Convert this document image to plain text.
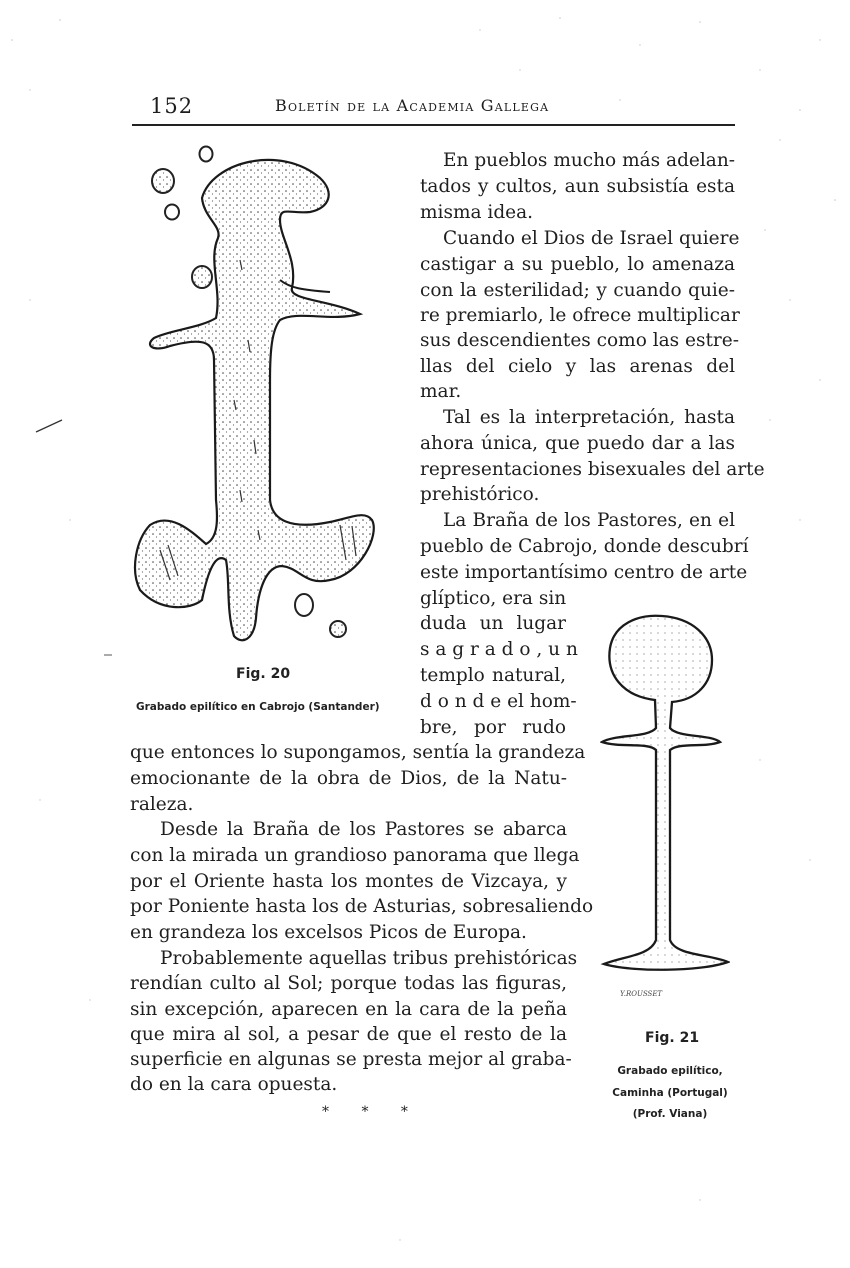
152	Boletín de la Academia Gallega
Fig. 20
Grabado epilítico en Cabrojo (Santander)
Y.ROUSSET
Fig. 21
Grabado epilítico,
Caminha (Portugal)
(Prof. Viana)
En pueblos mucho más adelan-
tados y cultos, aun subsistía esta
misma idea.
Cuando el Dios de Israel quiere
castigar a su pueblo, lo amenaza
con la esterilidad; y cuando quie-
re premiarlo, le ofrece multiplicar
sus descendientes como las estre-
llas del cielo y las arenas del
mar.
Tal es la interpretación, hasta
ahora única, que puedo dar a las
representaciones bisexuales del arte
prehistórico.
La Braña de los Pastores, en el
pueblo de Cabrojo, donde descubrí
este importantísimo centro de arte
glíptico, era sin
duda un lugar
s a g r a d o , u n
templo natural,
d o n d e el hom-
bre, por rudo
que entonces lo supongamos, sentía la grandeza
emocionante de la obra de Dios, de la Natu-
raleza.
Desde la Braña de los Pastores se abarca
con la mirada un grandioso panorama que llega
por el Oriente hasta los montes de Vizcaya, y
por Poniente hasta los de Asturias, sobresaliendo
en grandeza los excelsos Picos de Europa.
Probablemente aquellas tribus prehistóricas
rendían culto al Sol; porque todas las figuras,
sin excepción, aparecen en la cara de la peña
que mira al sol, a pesar de que el resto de la
superficie en algunas se presta mejor al graba-
do en la cara opuesta.
* * *
